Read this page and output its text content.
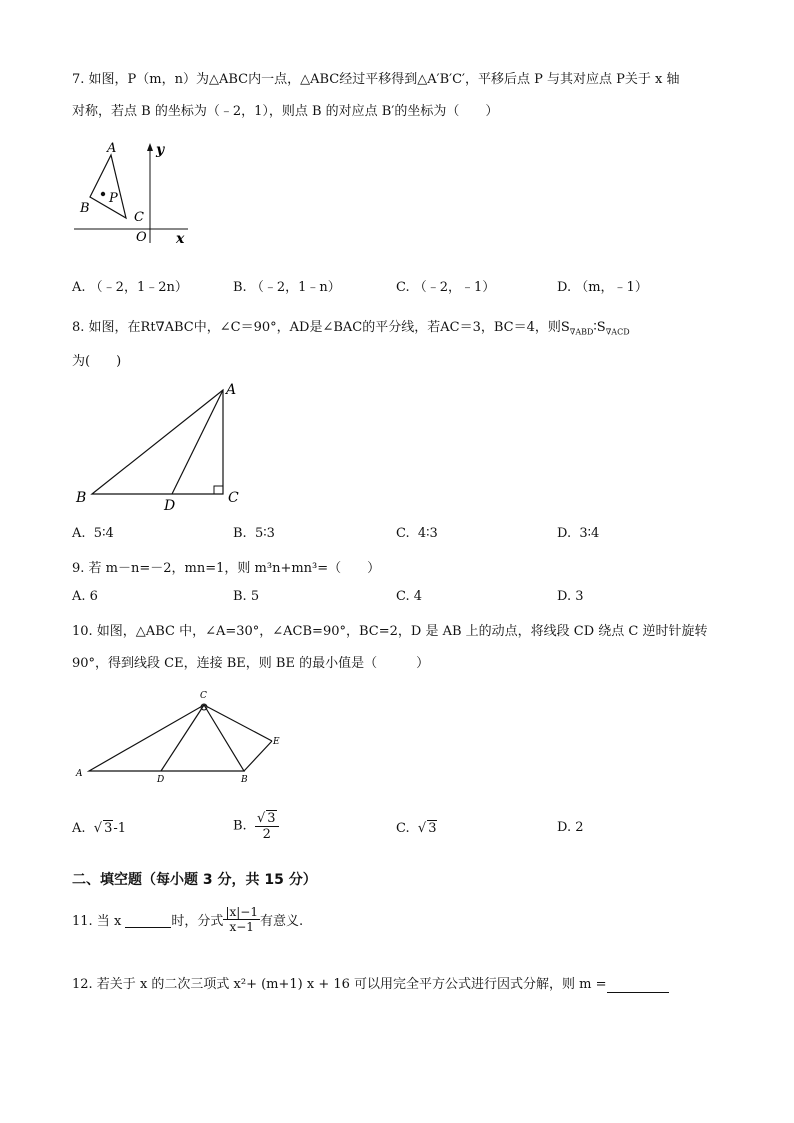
7. 如图，P（m，n）为△ABC内一点，△ABC经过平移得到△A′B′C′，平移后点 P 与其对应点 P关于 x 轴
对称，若点 B 的坐标为（﹣2，1），则点 B 的对应点 B′的坐标为（　　）
A
B
P
C
O x
y
A. （﹣2，1﹣2n）	B. （﹣2，1﹣n）	C. （﹣2，﹣1）	D. （m，﹣1）
8. 如图，在Rt∇ABC中，∠C＝90°，AD是∠BAC的平分线，若AC＝3，BC＝4，则$S_{\nabla ABD}∶S_{\nabla ACD}$
为(　　)
A
B	C
D
A. 5∶4	B. 5∶3	C. 4∶3	D. 3∶4
9. 若 m－n=－2，mn=1，则 m³n+mn³=（　　）
A. 6	B. 5	C. 4	D. 3
10. 如图，△ABC 中，∠A=30°，∠ACB=90°，BC=2，D 是 AB 上的动点，将线段 CD 绕点 C 逆时针旋转
90°，得到线段 CE，连接 BE，则 BE 的最小值是（　　　）
C
A
D	B
E
A.  √ 3-1	B. $\frac{√ 3}{2}$	C.  √ 3	D. 2
二、填空题（每小题 3 分，共 15 分）
11. 当 x	时，分式 $\frac{|x|-1}{x-1}$ 有意义.
12. 若关于 x 的二次三项式 x²+ (m+1) x + 16 可以用完全平方公式进行因式分解，则 m =
